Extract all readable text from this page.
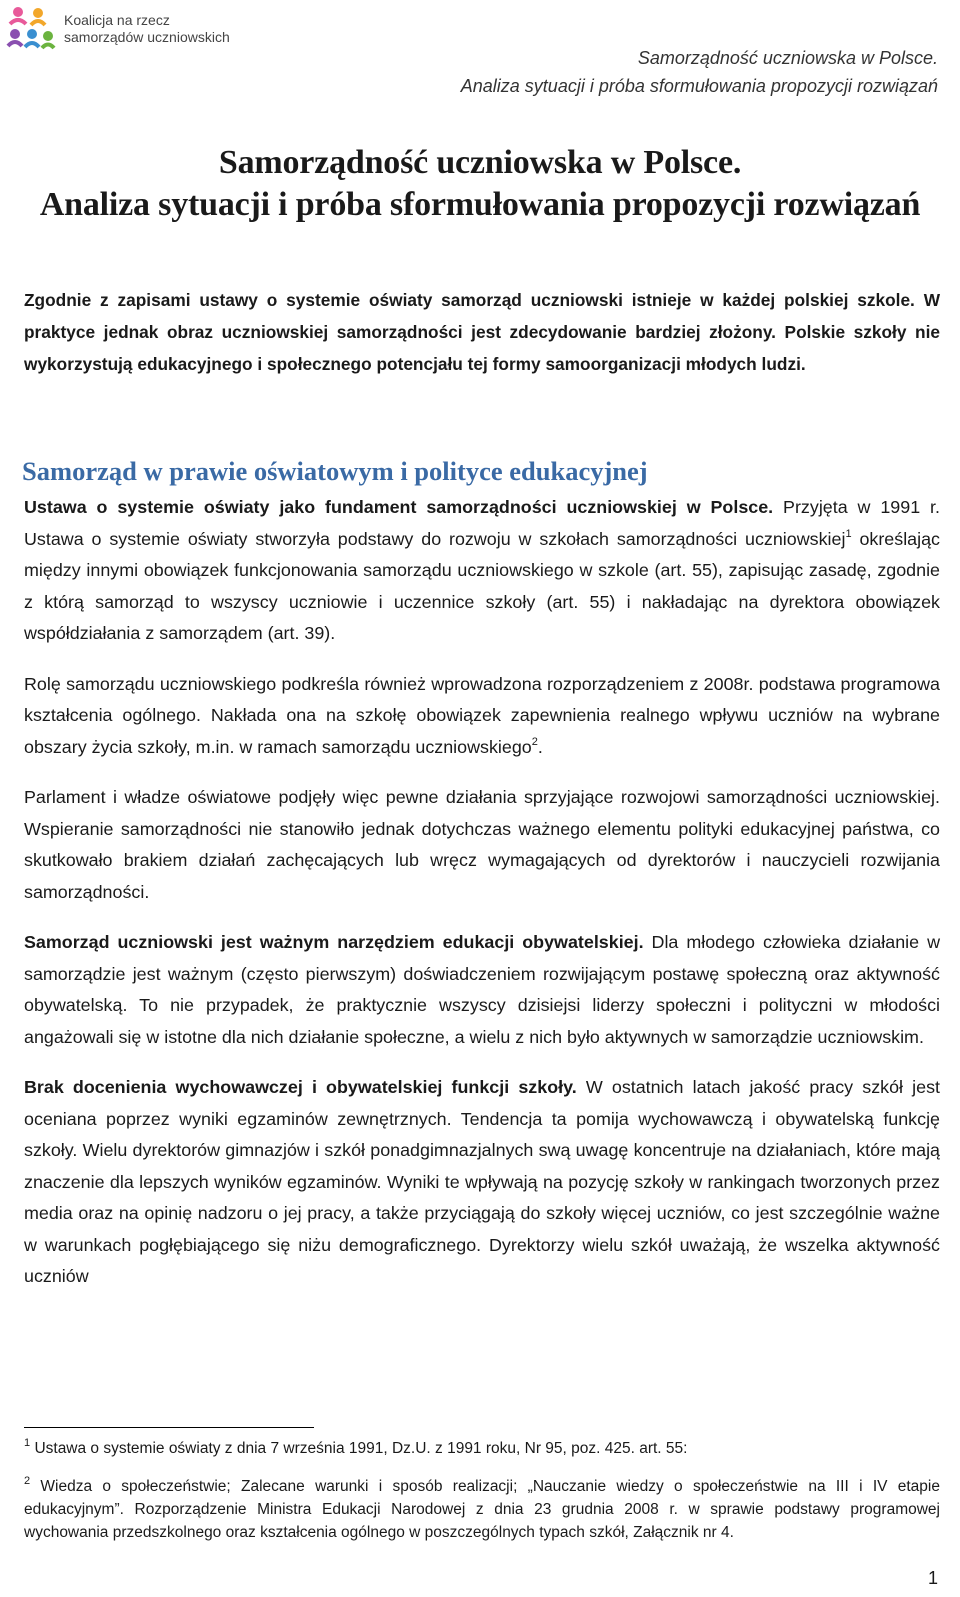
Koalicja na rzecz
samorządów uczniowskich
Samorządność uczniowska w Polsce.
Analiza sytuacji i próba sformułowania propozycji rozwiązań
Samorządność uczniowska w Polsce.
Analiza sytuacji i próba sformułowania propozycji rozwiązań
Zgodnie z zapisami ustawy o systemie oświaty samorząd uczniowski istnieje w każdej polskiej szkole. W praktyce jednak obraz uczniowskiej samorządności jest zdecydowanie bardziej złożony. Polskie szkoły nie wykorzystują edukacyjnego i społecznego potencjału tej formy samoorganizacji młodych ludzi.
Samorząd w prawie oświatowym i polityce edukacyjnej

Ustawa o systemie oświaty jako fundament samorządności uczniowskiej w Polsce. Przyjęta w 1991 r. Ustawa o systemie oświaty stworzyła podstawy do rozwoju w szkołach samorządności uczniowskiej$^1$ określając między innymi obowiązek funkcjonowania samorządu uczniowskiego w szkole (art. 55), zapisując zasadę, zgodnie z którą samorząd to wszyscy uczniowie i uczennice szkoły (art. 55) i nakładając na dyrektora obowiązek współdziałania z samorządem (art. 39).

Rolę samorządu uczniowskiego podkreśla również wprowadzona rozporządzeniem z 2008r. podstawa programowa kształcenia ogólnego. Nakłada ona na szkołę obowiązek zapewnienia realnego wpływu uczniów na wybrane obszary życia szkoły, m.in. w ramach samorządu uczniowskiego$^2$.

Parlament i władze oświatowe podjęły więc pewne działania sprzyjające rozwojowi samorządności uczniowskiej. Wspieranie samorządności nie stanowiło jednak dotychczas ważnego elementu polityki edukacyjnej państwa, co skutkowało brakiem działań zachęcających lub wręcz wymagających od dyrektorów i nauczycieli rozwijania samorządności.

Samorząd uczniowski jest ważnym narzędziem edukacji obywatelskiej. Dla młodego człowieka działanie w samorządzie jest ważnym (często pierwszym) doświadczeniem rozwijającym postawę społeczną oraz aktywność obywatelską. To nie przypadek, że praktycznie wszyscy dzisiejsi liderzy społeczni i polityczni w młodości angażowali się w istotne dla nich działanie społeczne, a wielu z nich było aktywnych w samorządzie uczniowskim.

Brak docenienia wychowawczej i obywatelskiej funkcji szkoły. W ostatnich latach jakość pracy szkół jest oceniana poprzez wyniki egzaminów zewnętrznych. Tendencja ta pomija wychowawczą i obywatelską funkcję szkoły. Wielu dyrektorów gimnazjów i szkół ponadgimnazjalnych swą uwagę koncentruje na działaniach, które mają znaczenie dla lepszych wyników egzaminów. Wyniki te wpływają na pozycję szkoły w rankingach tworzonych przez media oraz na opinię nadzoru o jej pracy, a także przyciągają do szkoły więcej uczniów, co jest szczególnie ważne w warunkach pogłębiającego się niżu demograficznego. Dyrektorzy wielu szkół uważają, że wszelka aktywność uczniów

$^1$ Ustawa o systemie oświaty z dnia 7 września 1991, Dz.U. z 1991 roku, Nr 95, poz. 425. art. 55:
$^2$ Wiedza o społeczeństwie; Zalecane warunki i sposób realizacji; „Nauczanie wiedzy o społeczeństwie na III i IV etapie edukacyjnym”. Rozporządzenie Ministra Edukacji Narodowej z dnia 23 grudnia 2008 r. w sprawie podstawy programowej wychowania przedszkolnego oraz kształcenia ogólnego w poszczególnych typach szkół, Załącznik nr 4.
1
